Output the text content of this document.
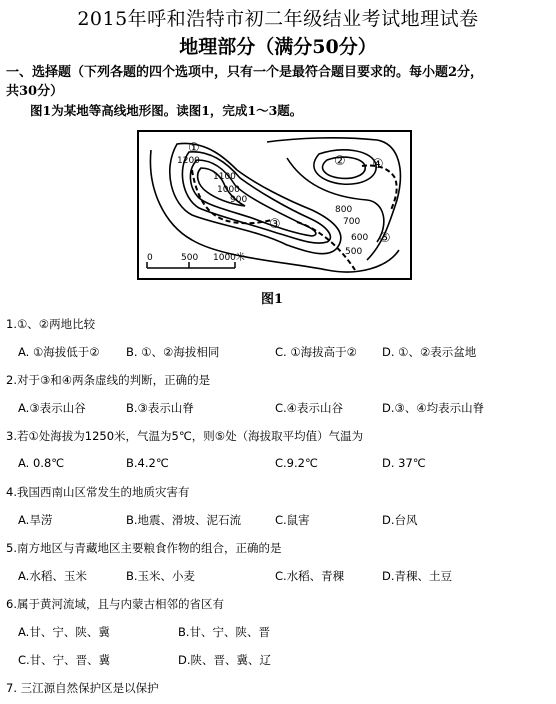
2015年呼和浩特市初二年级结业考试地理试卷
地理部分（满分50分）
一、选择题（下列各题的四个选项中，只有一个是最符合题目要求的。每小题2分，
共30分）
图1为某地等高线地形图。读图1，完成1～3题。
1200
1100
1000
900
800
700
600
500
①
②
③
④
⑤
0	500 1000米
图1
1.①、②两地比较
A. ①海拔低于② B. ①、②海拔相同	C. ①海拔高于② D. ①、②表示盆地
2.对于③和④两条虚线的判断，正确的是
A.③表示山谷	B.③表示山脊	C.④表示山谷	D.③、④均表示山脊
3.若①处海拔为1250米，气温为5℃，则⑤处（海拔取平均值）气温为
A. 0.8℃	B.4.2℃	C.9.2℃	D. 37℃
4.我国西南山区常发生的地质灾害有
A.旱涝	B.地震、滑坡、泥石流	C.鼠害	D.台风
5.南方地区与青藏地区主要粮食作物的组合，正确的是
A.水稻、玉米	B.玉米、小麦	C.水稻、青稞	D.青稞、土豆
6.属于黄河流域，且与内蒙古相邻的省区有
A.甘、宁、陕、冀	B.甘、宁、陕、晋
C.甘、宁、晋、冀	D.陕、晋、冀、辽
7. 三江源自然保护区是以保护
